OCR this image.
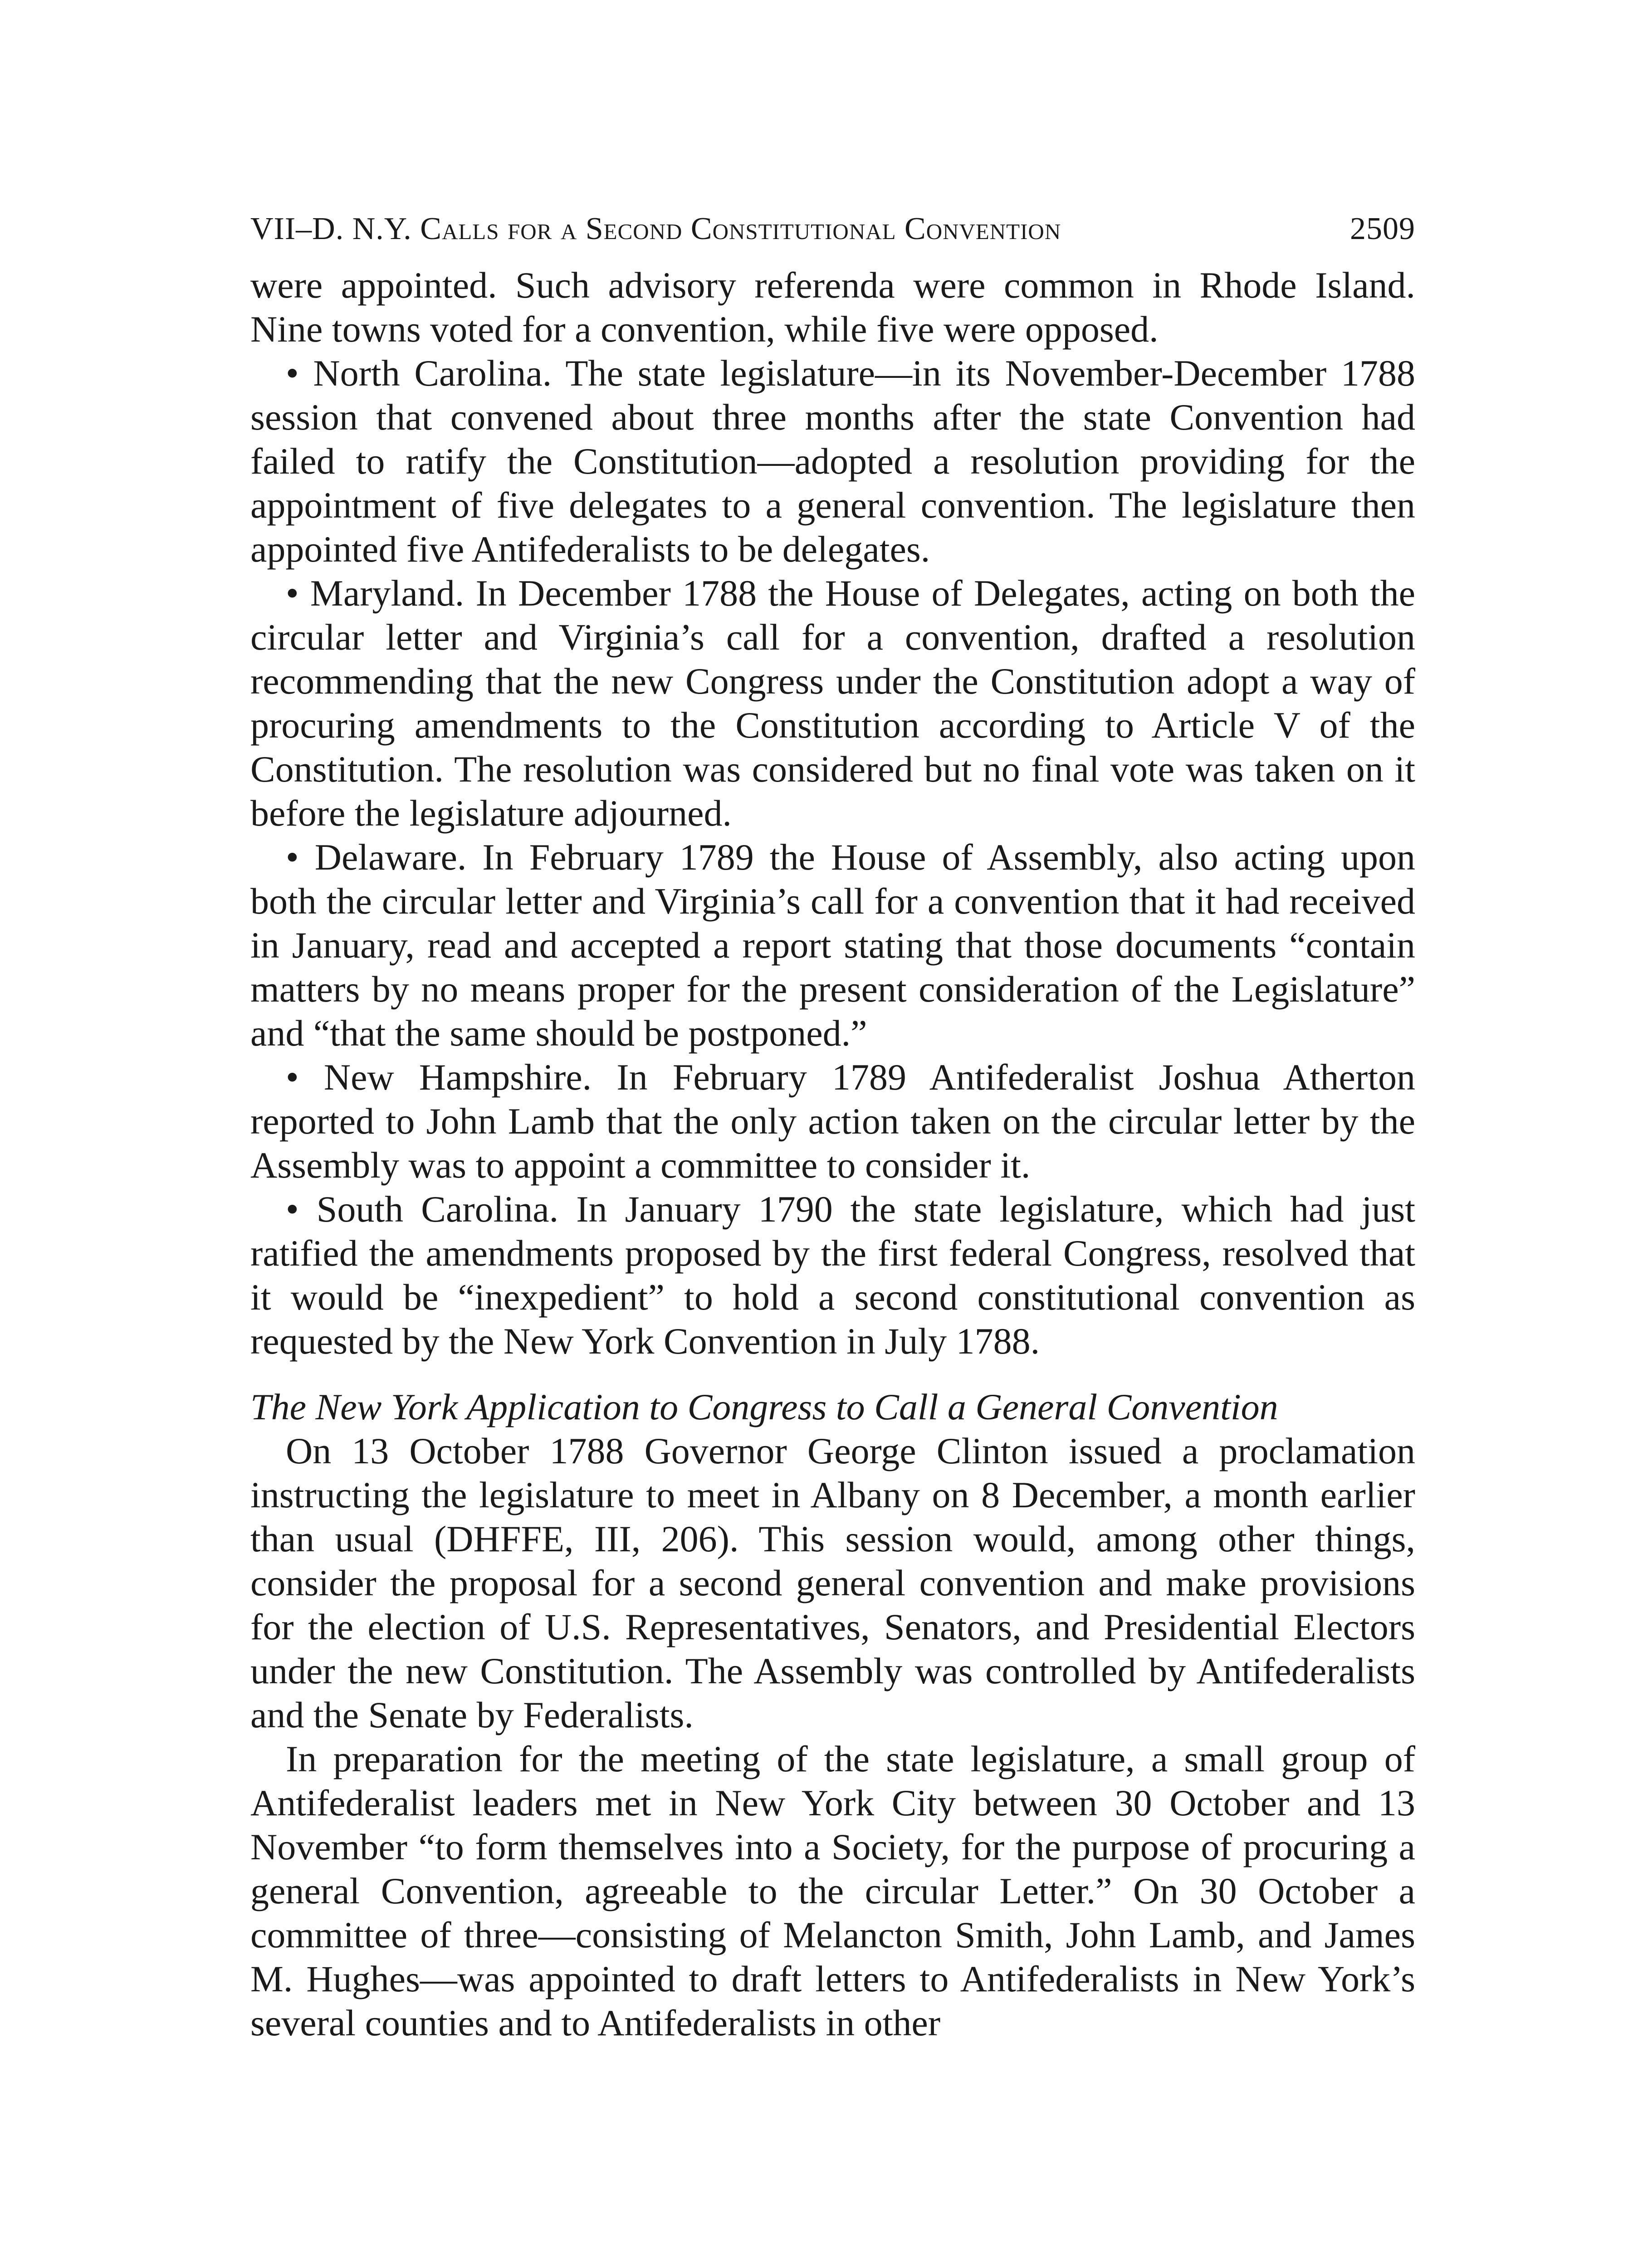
VII–D. N.Y. Calls for a Second Constitutional Convention	2509

were appointed. Such advisory referenda were common in Rhode Island. Nine towns voted for a convention, while five were opposed.

• North Carolina. The state legislature—in its November-December 1788 session that convened about three months after the state Convention had failed to ratify the Constitution—adopted a resolution providing for the appointment of five delegates to a general convention. The legislature then appointed five Antifederalists to be delegates.

• Maryland. In December 1788 the House of Delegates, acting on both the circular letter and Virginia’s call for a convention, drafted a resolution recommending that the new Congress under the Constitution adopt a way of procuring amendments to the Constitution according to Article V of the Constitution. The resolution was considered but no final vote was taken on it before the legislature adjourned.

• Delaware. In February 1789 the House of Assembly, also acting upon both the circular letter and Virginia’s call for a convention that it had received in January, read and accepted a report stating that those documents “contain matters by no means proper for the present consideration of the Legislature” and “that the same should be postponed.”

• New Hampshire. In February 1789 Antifederalist Joshua Atherton reported to John Lamb that the only action taken on the circular letter by the Assembly was to appoint a committee to consider it.

• South Carolina. In January 1790 the state legislature, which had just ratified the amendments proposed by the first federal Congress, resolved that it would be “inexpedient” to hold a second constitutional convention as requested by the New York Convention in July 1788.

The New York Application to Congress to Call a General Convention

On 13 October 1788 Governor George Clinton issued a proclamation instructing the legislature to meet in Albany on 8 December, a month earlier than usual (DHFFE, III, 206). This session would, among other things, consider the proposal for a second general convention and make provisions for the election of U.S. Representatives, Senators, and Presidential Electors under the new Constitution. The Assembly was controlled by Antifederalists and the Senate by Federalists.

In preparation for the meeting of the state legislature, a small group of Antifederalist leaders met in New York City between 30 October and 13 November “to form themselves into a Society, for the purpose of procuring a general Convention, agreeable to the circular Letter.” On 30 October a committee of three—consisting of Melancton Smith, John Lamb, and James M. Hughes—was appointed to draft letters to Antifederalists in New York’s several counties and to Antifederalists in other
